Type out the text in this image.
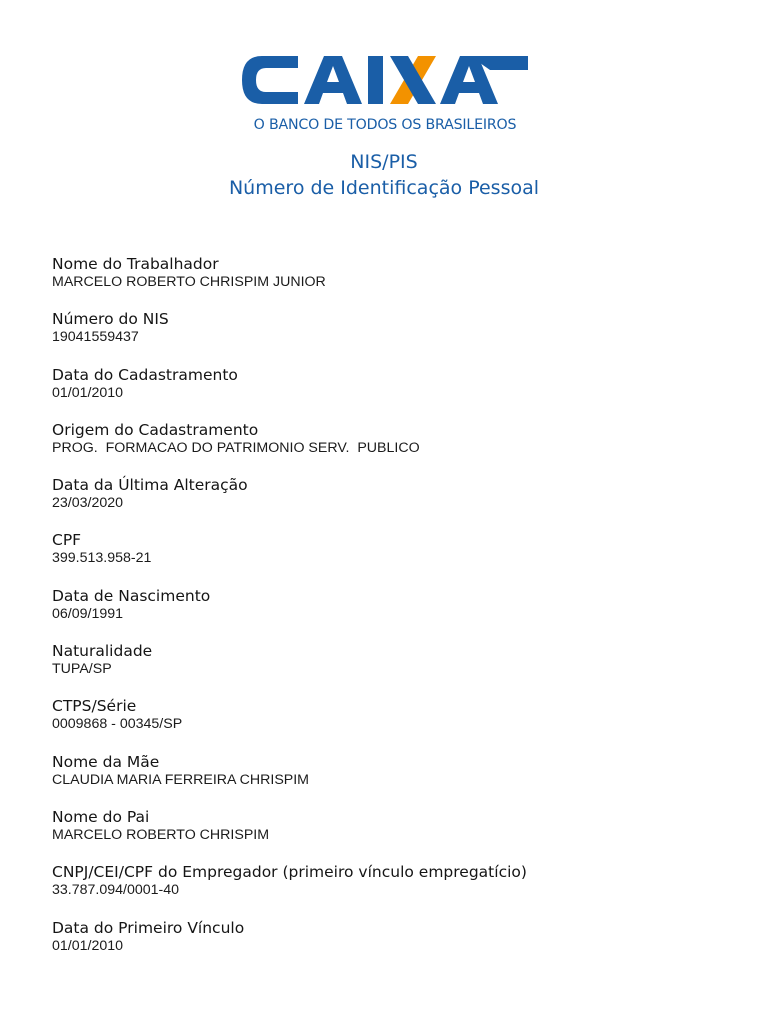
O BANCO DE TODOS OS BRASILEIROS
NIS/PIS
Número de Identificação Pessoal
Nome do Trabalhador
MARCELO ROBERTO CHRISPIM JUNIOR
Número do NIS
19041559437
Data do Cadastramento
01/01/2010
Origem do Cadastramento
PROG.  FORMACAO DO PATRIMONIO SERV.  PUBLICO
Data da Última Alteração
23/03/2020
CPF
399.513.958-21
Data de Nascimento
06/09/1991
Naturalidade
TUPA/SP
CTPS/Série
0009868 - 00345/SP
Nome da Mãe
CLAUDIA MARIA FERREIRA CHRISPIM
Nome do Pai
MARCELO ROBERTO CHRISPIM
CNPJ/CEI/CPF do Empregador (primeiro vínculo empregatício)
33.787.094/0001-40
Data do Primeiro Vínculo
01/01/2010
